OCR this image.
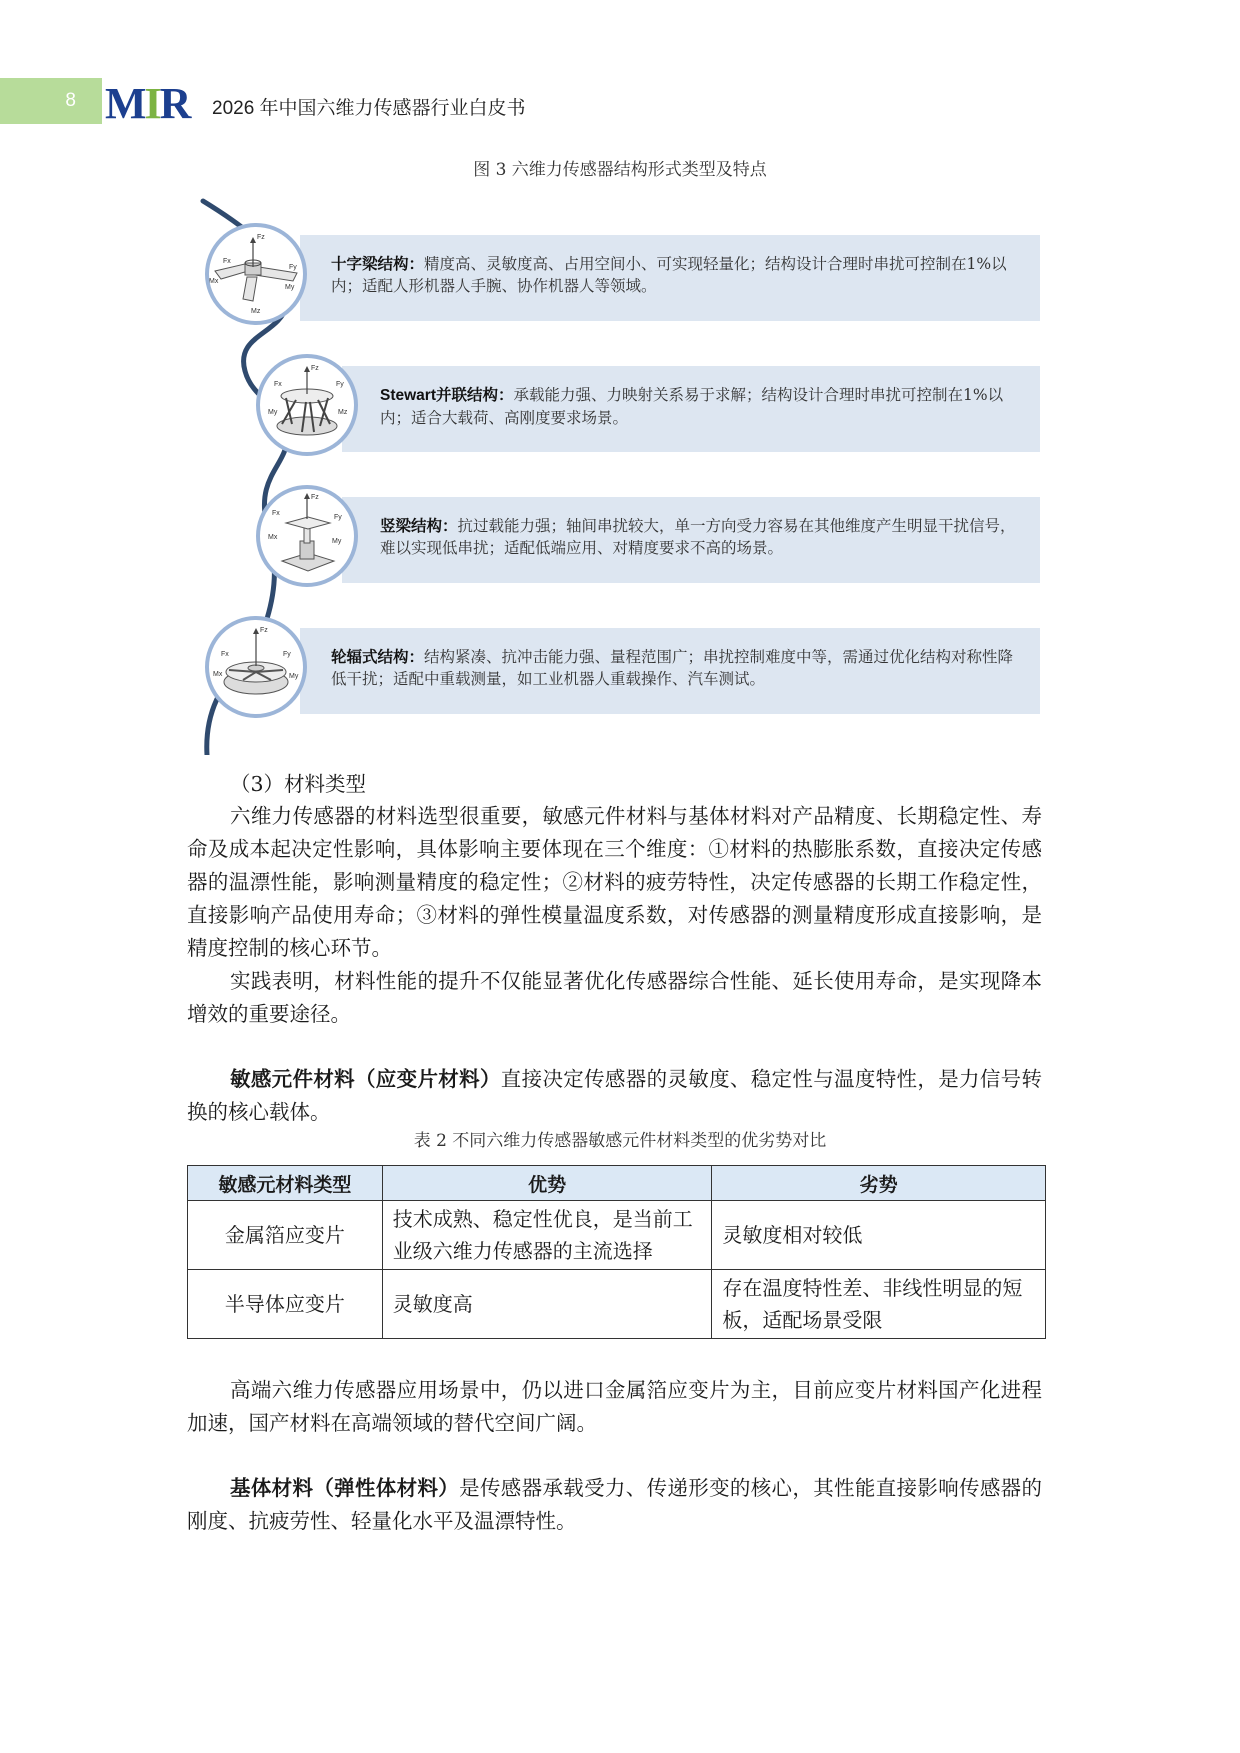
8 MIR 2026 年中国六维力传感器行业白皮书
图 3 六维力传感器结构形式类型及特点
十字梁结构：精度高、灵敏度高、占用空间小、可实现轻量化；结构设计合理时串扰可控制在1%以内；适配人形机器人手腕、协作机器人等领域。
Fz
Fx
Fy
Mx
My
Mz
Stewart并联结构：承载能力强、力映射关系易于求解；结构设计合理时串扰可控制在1%以内；适合大载荷、高刚度要求场景。
Fz
Fx	Fy
My	Mz
竖梁结构：抗过载能力强；轴间串扰较大，单一方向受力容易在其他维度产生明显干扰信号，难以实现低串扰；适配低端应用、对精度要求不高的场景。
Fz
Fx
Fy
Mx
My
轮辐式结构：结构紧凑、抗冲击能力强、量程范围广；串扰控制难度中等，需通过优化结构对称性降低干扰；适配中重载测量，如工业机器人重载操作、汽车测试。
Fz
Fx	Fy
Mx	My
（3）材料类型

六维力传感器的材料选型很重要，敏感元件材料与基体材料对产品精度、长期稳定性、寿命及成本起决定性影响，具体影响主要体现在三个维度：①材料的热膨胀系数，直接决定传感器的温漂性能，影响测量精度的稳定性；②材料的疲劳特性，决定传感器的长期工作稳定性，直接影响产品使用寿命；③材料的弹性模量温度系数，对传感器的测量精度形成直接影响，是精度控制的核心环节。

实践表明，材料性能的提升不仅能显著优化传感器综合性能、延长使用寿命，是实现降本增效的重要途径。

敏感元件材料（应变片材料）直接决定传感器的灵敏度、稳定性与温度特性，是力信号转换的核心载体。

表 2 不同六维力传感器敏感元件材料类型的优劣势对比
敏感元材料类型	优势	劣势
金属箔应变片	技术成熟、稳定性优良，是当前工业级六维力传感器的主流选择	灵敏度相对较低
半导体应变片	灵敏度高	存在温度特性差、非线性明显的短板，适配场景受限

高端六维力传感器应用场景中，仍以进口金属箔应变片为主，目前应变片材料国产化进程加速，国产材料在高端领域的替代空间广阔。

基体材料（弹性体材料）是传感器承载受力、传递形变的核心，其性能直接影响传感器的刚度、抗疲劳性、轻量化水平及温漂特性。
